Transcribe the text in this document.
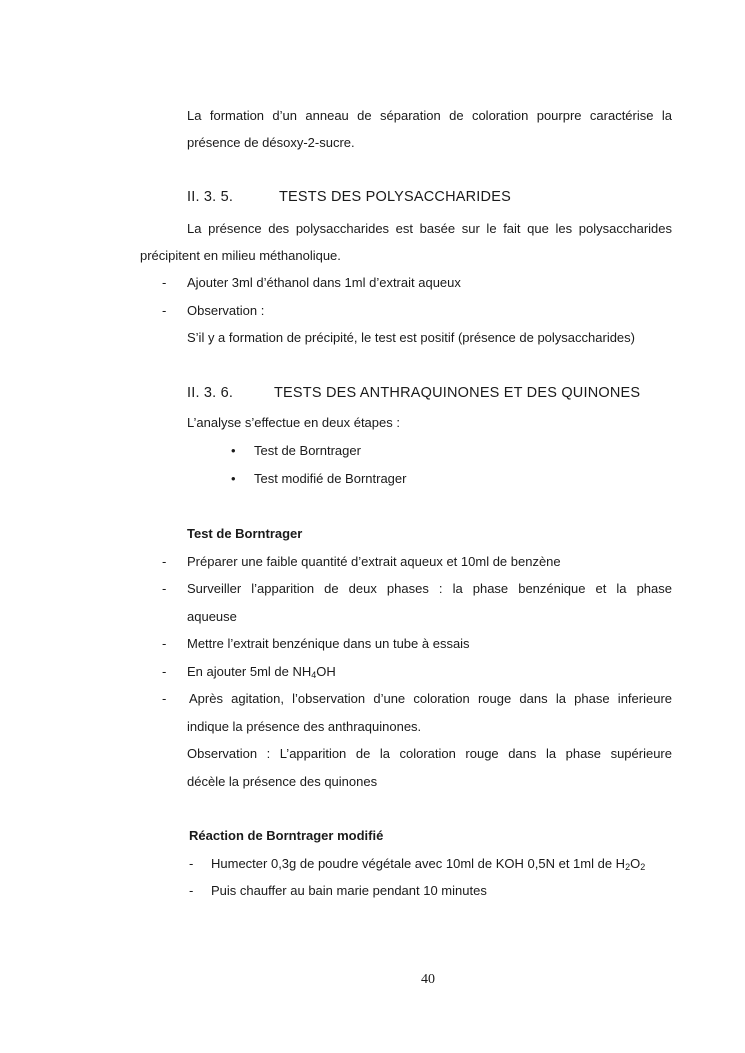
La formation d’un anneau de séparation de coloration pourpre caractérise la
présence de désoxy-2-sucre.
II. 3. 5.	TESTS DES POLYSACCHARIDES
La présence des polysaccharides est basée sur le fait que les polysaccharides
précipitent en milieu méthanolique.
- Ajouter 3ml d’éthanol dans 1ml d’extrait aqueux
- Observation :
S’il y a formation de précipité, le test est positif (présence de polysaccharides)
II. 3. 6.	TESTS DES ANTHRAQUINONES ET DES QUINONES
L’analyse s’effectue en deux étapes :
• Test de Borntrager
• Test modifié de Borntrager
Test de Borntrager
- Préparer une faible quantité d’extrait aqueux et 10ml de benzène
- Surveiller l’apparition de deux phases : la phase benzénique et la phase
aqueuse
- Mettre l’extrait benzénique dans un tube à essais
- En ajouter 5ml de $NH_4OH$
- Après agitation, l’observation d’une coloration rouge dans la phase inferieure
indique la présence des anthraquinones.
Observation : L’apparition de la coloration rouge dans la phase supérieure
décèle la présence des quinones
Réaction de Borntrager modifié
- Humecter 0,3g de poudre végétale avec 10ml de KOH 0,5N et 1ml de $H_2O_2$
- Puis chauffer au bain marie pendant 10 minutes
40
